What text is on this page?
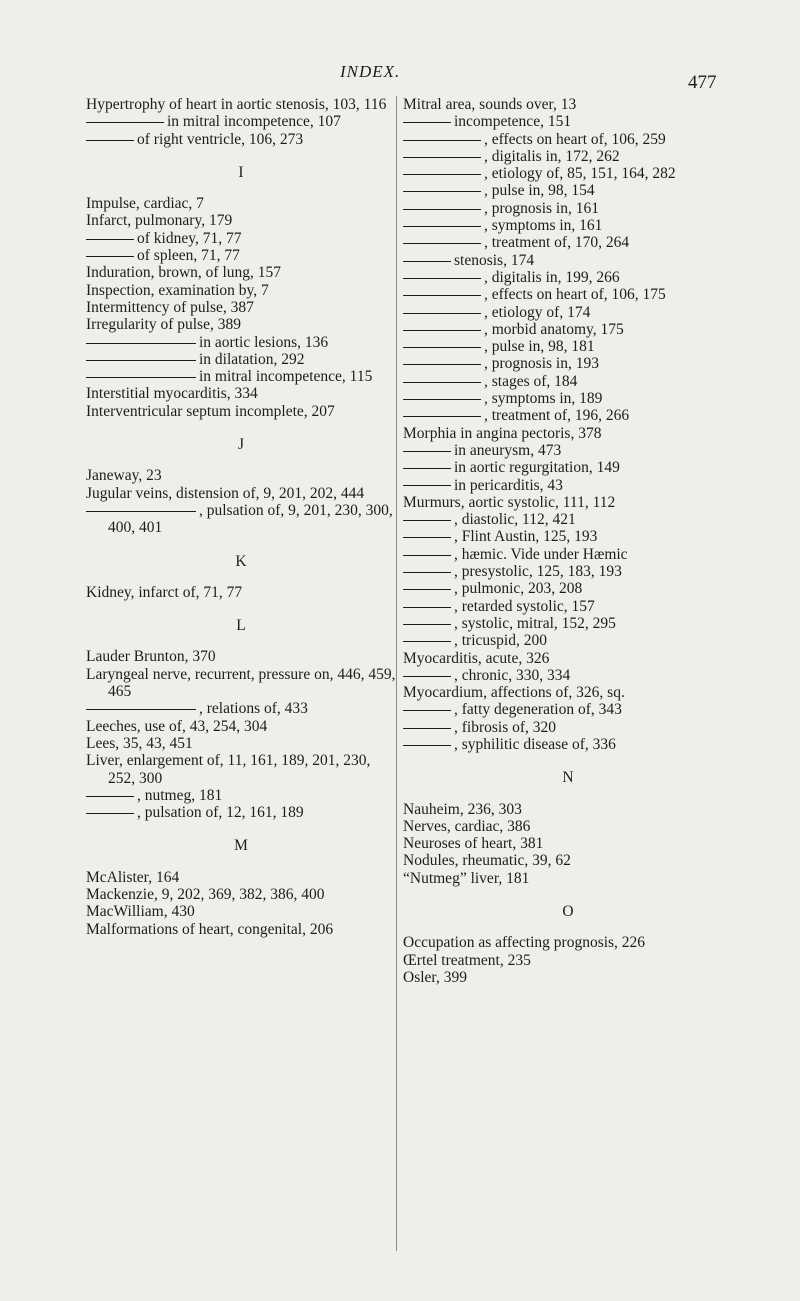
INDEX.
477
Hypertrophy of heart in aortic stenosis, 103, 116
in mitral incompetence, 107
of right ventricle, 106, 273
I
Impulse, cardiac, 7
Infarct, pulmonary, 179
of kidney, 71, 77
of spleen, 71, 77
Induration, brown, of lung, 157
Inspection, examination by, 7
Intermittency of pulse, 387
Irregularity of pulse, 389
in aortic lesions, 136
in dilatation, 292
in mitral incompetence, 115
Interstitial myocarditis, 334
Interventricular septum incomplete, 207
J
Janeway, 23
Jugular veins, distension of, 9, 201, 202, 444
, pulsation of, 9, 201, 230, 300, 400, 401
K
Kidney, infarct of, 71, 77
L
Lauder Brunton, 370
Laryngeal nerve, recurrent, pressure on, 446, 459, 465
, relations of, 433
Leeches, use of, 43, 254, 304
Lees, 35, 43, 451
Liver, enlargement of, 11, 161, 189, 201, 230, 252, 300
, nutmeg, 181
, pulsation of, 12, 161, 189
M
McAlister, 164
Mackenzie, 9, 202, 369, 382, 386, 400
MacWilliam, 430
Malformations of heart, congenital, 206
Mitral area, sounds over, 13
incompetence, 151
, effects on heart of, 106, 259
, digitalis in, 172, 262
, etiology of, 85, 151, 164, 282
, pulse in, 98, 154
, prognosis in, 161
, symptoms in, 161
, treatment of, 170, 264
stenosis, 174
, digitalis in, 199, 266
, effects on heart of, 106, 175
, etiology of, 174
, morbid anatomy, 175
, pulse in, 98, 181
, prognosis in, 193
, stages of, 184
, symptoms in, 189
, treatment of, 196, 266
Morphia in angina pectoris, 378
in aneurysm, 473
in aortic regurgitation, 149
in pericarditis, 43
Murmurs, aortic systolic, 111, 112
, diastolic, 112, 421
, Flint Austin, 125, 193
, hæmic. Vide under Hæmic
, presystolic, 125, 183, 193
, pulmonic, 203, 208
, retarded systolic, 157
, systolic, mitral, 152, 295
, tricuspid, 200
Myocarditis, acute, 326
, chronic, 330, 334
Myocardium, affections of, 326, sq.
, fatty degeneration of, 343
, fibrosis of, 320
, syphilitic disease of, 336
N
Nauheim, 236, 303
Nerves, cardiac, 386
Neuroses of heart, 381
Nodules, rheumatic, 39, 62
“Nutmeg” liver, 181
O
Occupation as affecting prognosis, 226
Œrtel treatment, 235
Osler, 399
